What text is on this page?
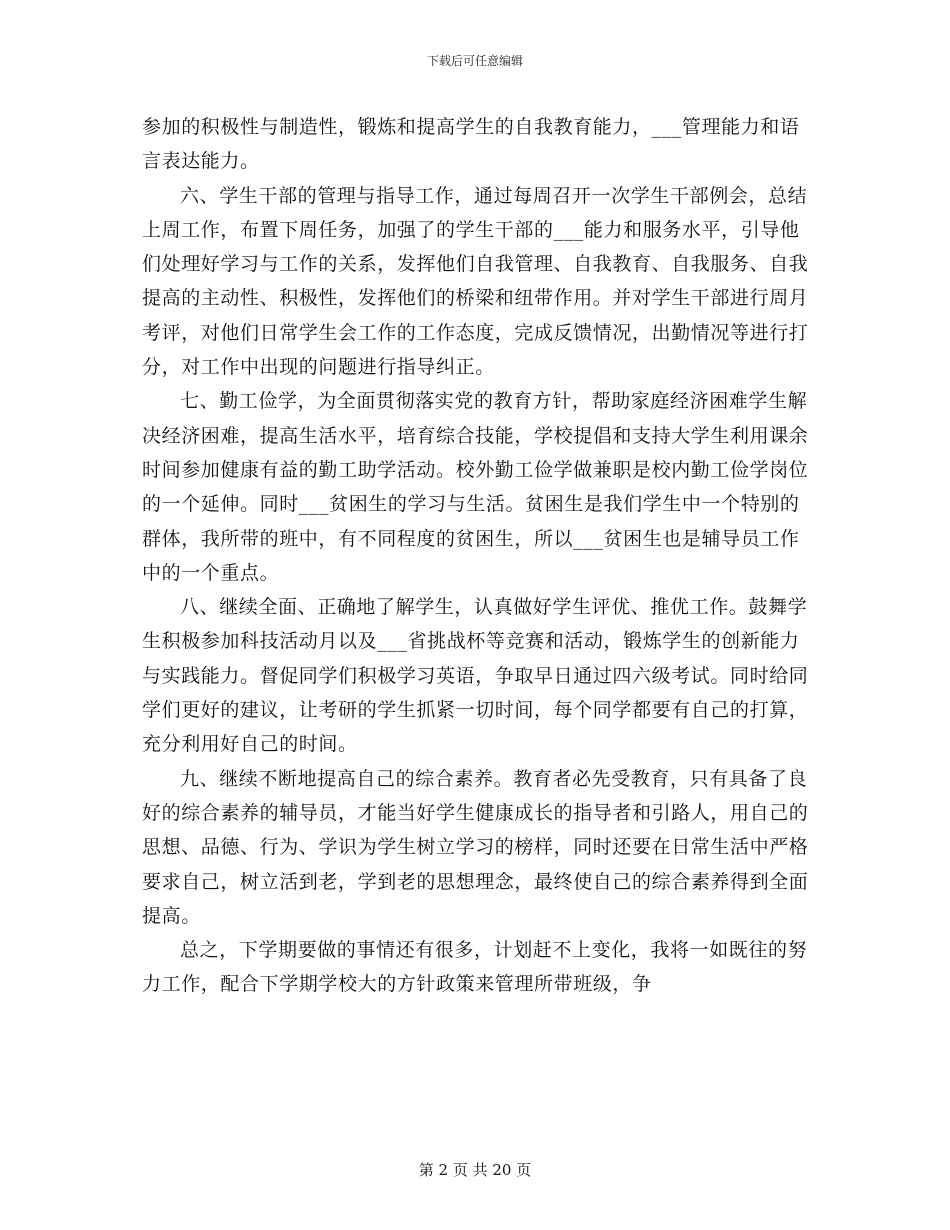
下载后可任意编辑

参加的积极性与制造性，锻炼和提高学生的自我教育能力，___管理能力和语言表达能力。

六、学生干部的管理与指导工作，通过每周召开一次学生干部例会，总结上周工作，布置下周任务，加强了的学生干部的___能力和服务水平，引导他们处理好学习与工作的关系，发挥他们自我管理、自我教育、自我服务、自我提高的主动性、积极性，发挥他们的桥梁和纽带作用。并对学生干部进行周月考评，对他们日常学生会工作的工作态度，完成反馈情况，出勤情况等进行打分，对工作中出现的问题进行指导纠正。

七、勤工俭学，为全面贯彻落实党的教育方针，帮助家庭经济困难学生解决经济困难，提高生活水平，培育综合技能，学校提倡和支持大学生利用课余时间参加健康有益的勤工助学活动。校外勤工俭学做兼职是校内勤工俭学岗位的一个延伸。同时___贫困生的学习与生活。贫困生是我们学生中一个特别的群体，我所带的班中，有不同程度的贫困生，所以___贫困生也是辅导员工作中的一个重点。

八、继续全面、正确地了解学生，认真做好学生评优、推优工作。鼓舞学生积极参加科技活动月以及___省挑战杯等竞赛和活动，锻炼学生的创新能力与实践能力。督促同学们积极学习英语，争取早日通过四六级考试。同时给同学们更好的建议，让考研的学生抓紧一切时间，每个同学都要有自己的打算，充分利用好自己的时间。

九、继续不断地提高自己的综合素养。教育者必先受教育，只有具备了良好的综合素养的辅导员，才能当好学生健康成长的指导者和引路人，用自己的思想、品德、行为、学识为学生树立学习的榜样，同时还要在日常生活中严格要求自己，树立活到老，学到老的思想理念，最终使自己的综合素养得到全面提高。

总之，下学期要做的事情还有很多，计划赶不上变化，我将一如既往的努力工作，配合下学期学校大的方针政策来管理所带班级，争

第 2 页 共 20 页
